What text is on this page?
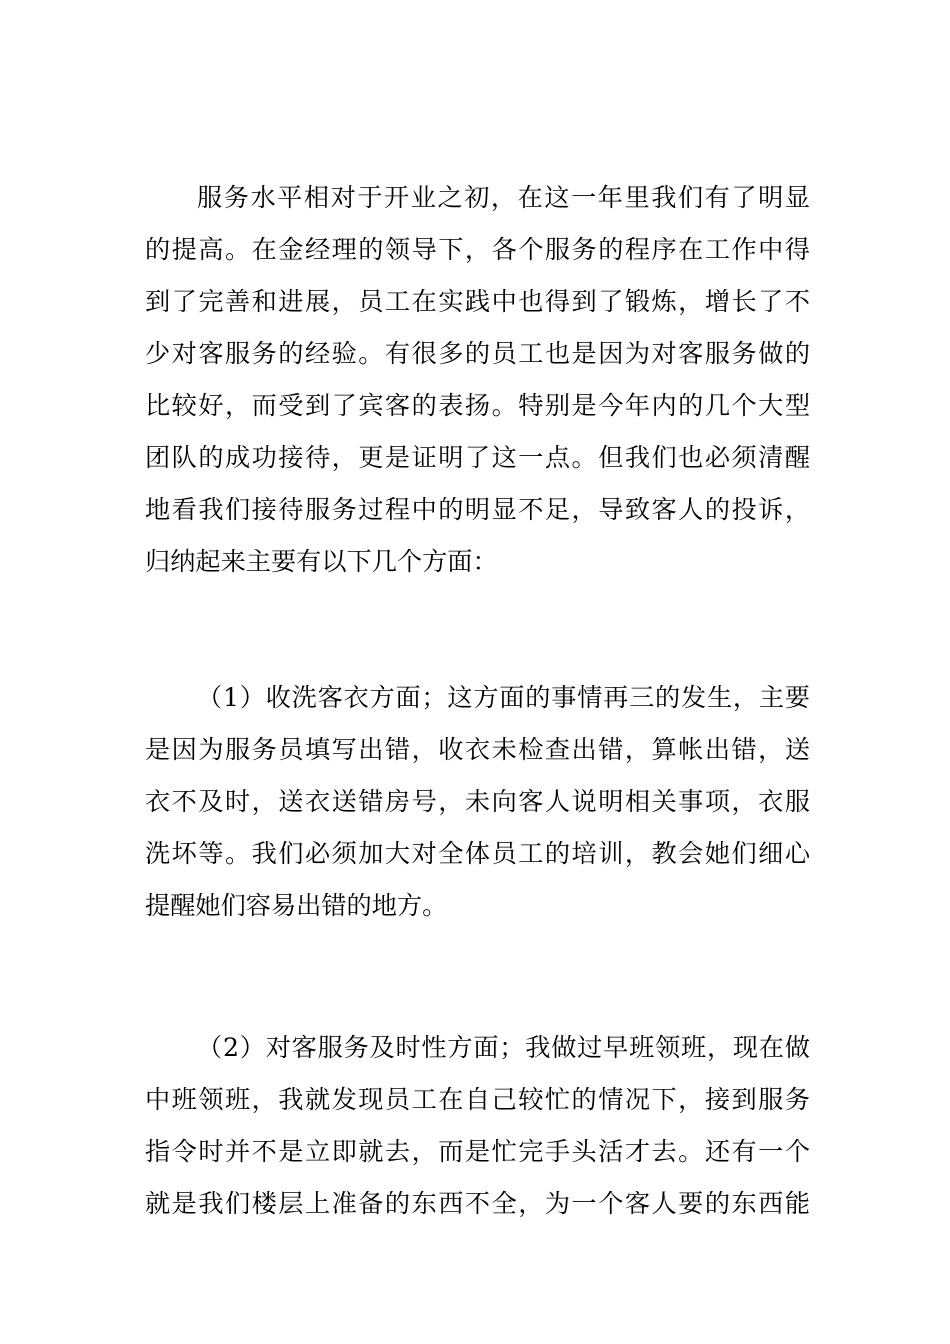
服务水平相对于开业之初，在这一年里我们有了明显
的提高。在金经理的领导下，各个服务的程序在工作中得
到了完善和进展，员工在实践中也得到了锻炼，增长了不
少对客服务的经验。有很多的员工也是因为对客服务做的
比较好，而受到了宾客的表扬。特别是今年内的几个大型
团队的成功接待，更是证明了这一点。但我们也必须清醒
地看我们接待服务过程中的明显不足，导致客人的投诉，
归纳起来主要有以下几个方面：
（1）收洗客衣方面；这方面的事情再三的发生，主要
是因为服务员填写出错，收衣未检查出错，算帐出错，送
衣不及时，送衣送错房号，未向客人说明相关事项，衣服
洗坏等。我们必须加大对全体员工的培训，教会她们细心
提醒她们容易出错的地方。
（2）对客服务及时性方面；我做过早班领班，现在做
中班领班，我就发现员工在自己较忙的情况下，接到服务
指令时并不是立即就去，而是忙完手头活才去。还有一个
就是我们楼层上准备的东西不全，为一个客人要的东西能
